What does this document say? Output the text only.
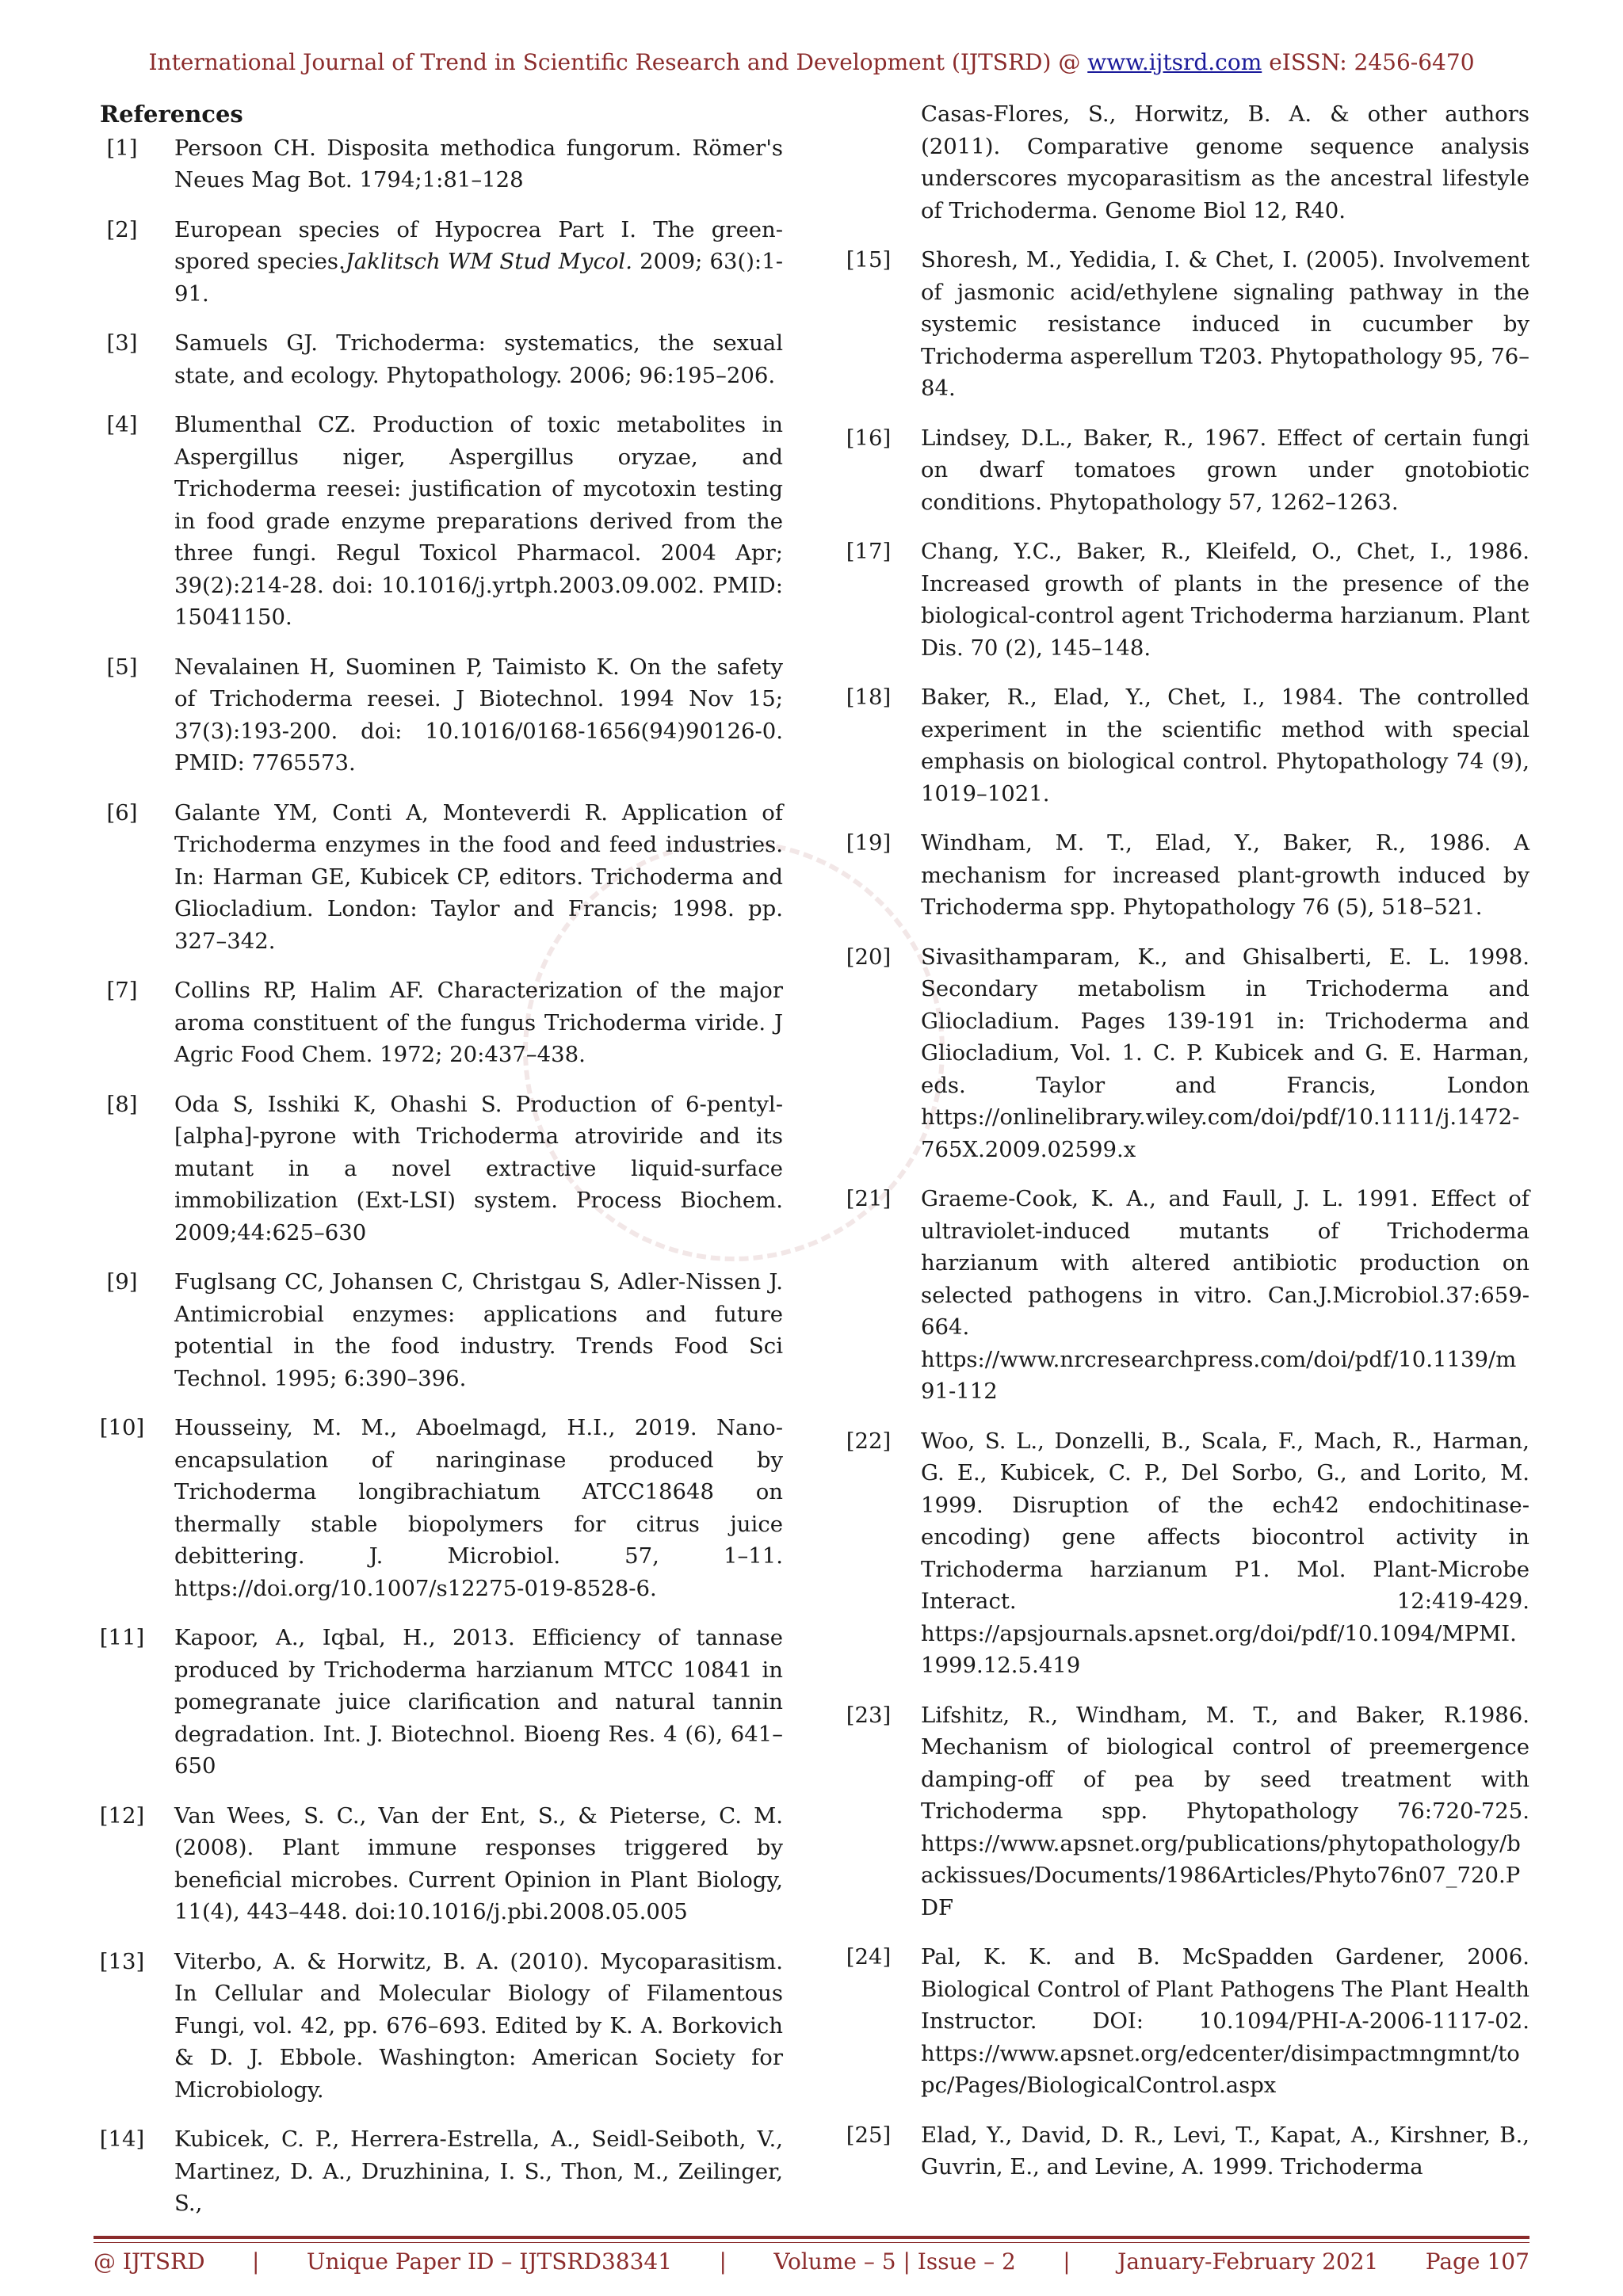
International Journal of Trend in Scientific Research and Development (IJTSRD) @ www.ijtsrd.com eISSN: 2456-6470
References
[1]	Persoon CH. Disposita methodica fungorum. Römer's Neues Mag Bot. 1794;1:81–128
[2]	European species of Hypocrea Part I. The green-spored species.Jaklitsch WM Stud Mycol. 2009; 63():1-91.
[3]	Samuels GJ. Trichoderma: systematics, the sexual state, and ecology. Phytopathology. 2006; 96:195–206.
[4]	Blumenthal CZ. Production of toxic metabolites in Aspergillus niger, Aspergillus oryzae, and Trichoderma reesei: justification of mycotoxin testing in food grade enzyme preparations derived from the three fungi. Regul Toxicol Pharmacol. 2004 Apr; 39(2):214-28. doi: 10.1016/j.yrtph.2003.09.002. PMID: 15041150.
[5]	Nevalainen H, Suominen P, Taimisto K. On the safety of Trichoderma reesei. J Biotechnol. 1994 Nov 15; 37(3):193-200. doi: 10.1016/0168-1656(94)90126-0. PMID: 7765573.
[6]	Galante YM, Conti A, Monteverdi R. Application of Trichoderma enzymes in the food and feed industries. In: Harman GE, Kubicek CP, editors. Trichoderma and Gliocladium. London: Taylor and Francis; 1998. pp. 327–342.
[7]	Collins RP, Halim AF. Characterization of the major aroma constituent of the fungus Trichoderma viride. J Agric Food Chem. 1972; 20:437–438.
[8]	Oda S, Isshiki K, Ohashi S. Production of 6-pentyl-[alpha]-pyrone with Trichoderma atroviride and its mutant in a novel extractive liquid-surface immobilization (Ext-LSI) system. Process Biochem. 2009;44:625–630
[9]	Fuglsang CC, Johansen C, Christgau S, Adler-Nissen J. Antimicrobial enzymes: applications and future potential in the food industry. Trends Food Sci Technol. 1995; 6:390–396.
[10]	Housseiny, M. M., Aboelmagd, H.I., 2019. Nano-encapsulation of naringinase produced by Trichoderma longibrachiatum ATCC18648 on thermally stable biopolymers for citrus juice debittering. J. Microbiol. 57, 1–11. https://doi.org/10.1007/s12275-019-8528-6.
[11]	Kapoor, A., Iqbal, H., 2013. Efficiency of tannase produced by Trichoderma harzianum MTCC 10841 in pomegranate juice clarification and natural tannin degradation. Int. J. Biotechnol. Bioeng Res. 4 (6), 641–650
[12]	Van Wees, S. C., Van der Ent, S., & Pieterse, C. M. (2008). Plant immune responses triggered by beneficial microbes. Current Opinion in Plant Biology, 11(4), 443–448. doi:10.1016/j.pbi.2008.05.005
[13]	Viterbo, A. & Horwitz, B. A. (2010). Mycoparasitism. In Cellular and Molecular Biology of Filamentous Fungi, vol. 42, pp. 676–693. Edited by K. A. Borkovich & D. J. Ebbole. Washington: American Society for Microbiology.
[14]	Kubicek, C. P., Herrera-Estrella, A., Seidl-Seiboth, V., Martinez, D. A., Druzhinina, I. S., Thon, M., Zeilinger, S.,
Casas-Flores, S., Horwitz, B. A. & other authors (2011). Comparative genome sequence analysis underscores mycoparasitism as the ancestral lifestyle of Trichoderma. Genome Biol 12, R40.
[15]	Shoresh, M., Yedidia, I. & Chet, I. (2005). Involvement of jasmonic acid/ethylene signaling pathway in the systemic resistance induced in cucumber by Trichoderma asperellum T203. Phytopathology 95, 76–84.
[16]	Lindsey, D.L., Baker, R., 1967. Effect of certain fungi on dwarf tomatoes grown under gnotobiotic conditions. Phytopathology 57, 1262–1263.
[17]	Chang, Y.C., Baker, R., Kleifeld, O., Chet, I., 1986. Increased growth of plants in the presence of the biological-control agent Trichoderma harzianum. Plant Dis. 70 (2), 145–148.
[18]	Baker, R., Elad, Y., Chet, I., 1984. The controlled experiment in the scientific method with special emphasis on biological control. Phytopathology 74 (9), 1019–1021.
[19]	Windham, M. T., Elad, Y., Baker, R., 1986. A mechanism for increased plant-growth induced by Trichoderma spp. Phytopathology 76 (5), 518–521.
[20]	Sivasithamparam, K., and Ghisalberti, E. L. 1998. Secondary metabolism in Trichoderma and Gliocladium. Pages 139-191 in: Trichoderma and Gliocladium, Vol. 1. C. P. Kubicek and G. E. Harman, eds. Taylor and Francis, London https://onlinelibrary.wiley.com/doi/pdf/10.1111/j.1472-765X.2009.02599.x
[21]	Graeme-Cook, K. A., and Faull, J. L. 1991. Effect of ultraviolet-induced mutants of Trichoderma harzianum with altered antibiotic production on selected pathogens in vitro. Can.J.Microbiol.37:659-664. https://www.nrcresearchpress.com/doi/pdf/10.1139/m91-112
[22]	Woo, S. L., Donzelli, B., Scala, F., Mach, R., Harman, G. E., Kubicek, C. P., Del Sorbo, G., and Lorito, M. 1999. Disruption of the ech42 endochitinase-encoding) gene affects biocontrol activity in Trichoderma harzianum P1. Mol. Plant-Microbe Interact. 12:419-429. https://apsjournals.apsnet.org/doi/pdf/10.1094/MPMI.1999.12.5.419
[23]	Lifshitz, R., Windham, M. T., and Baker, R.1986. Mechanism of biological control of preemergence damping-off of pea by seed treatment with Trichoderma spp. Phytopathology 76:720-725. https://www.apsnet.org/publications/phytopathology/backissues/Documents/1986Articles/Phyto76n07_720.PDF
[24]	Pal, K. K. and B. McSpadden Gardener, 2006. Biological Control of Plant Pathogens The Plant Health Instructor. DOI: 10.1094/PHI-A-2006-1117-02. https://www.apsnet.org/edcenter/disimpactmngmnt/topc/Pages/BiologicalControl.aspx
[25]	Elad, Y., David, D. R., Levi, T., Kapat, A., Kirshner, B., Guvrin, E., and Levine, A. 1999. Trichoderma
@ IJTSRD | Unique Paper ID – IJTSRD38341 | Volume – 5 | Issue – 2 | January-February 2021 Page 107
